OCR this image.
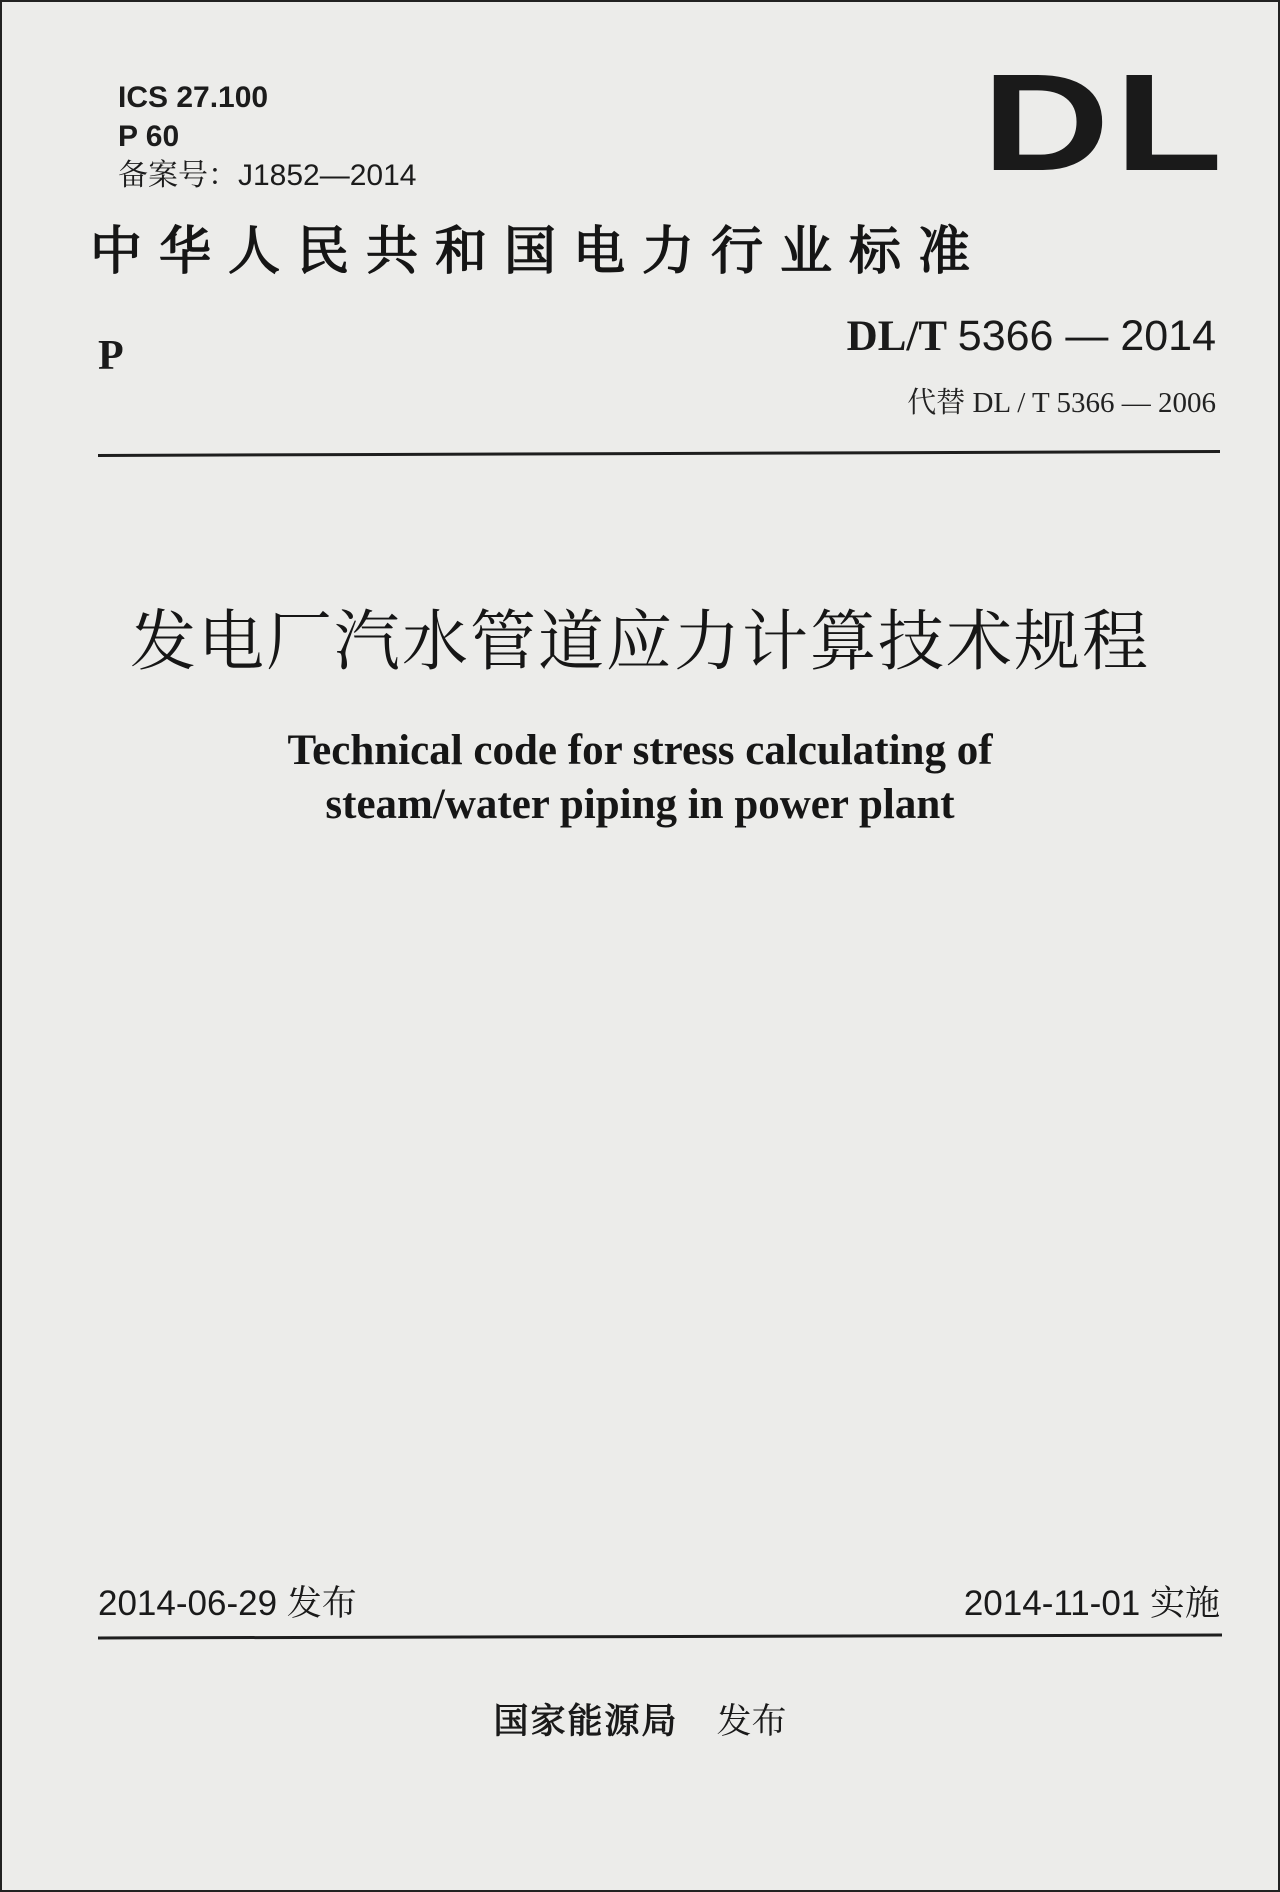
ICS 27.100
P 60
备案号：J1852—2014	DL
中华人民共和国电力行业标准
P	DL/T 5366 — 2014
代替 DL / T 5366 — 2006
发电厂汽水管道应力计算技术规程
Technical code for stress calculating of
steam/water piping in power plant
2014-06-29 发布	2014-11-01 实施
国家能源局 发布
